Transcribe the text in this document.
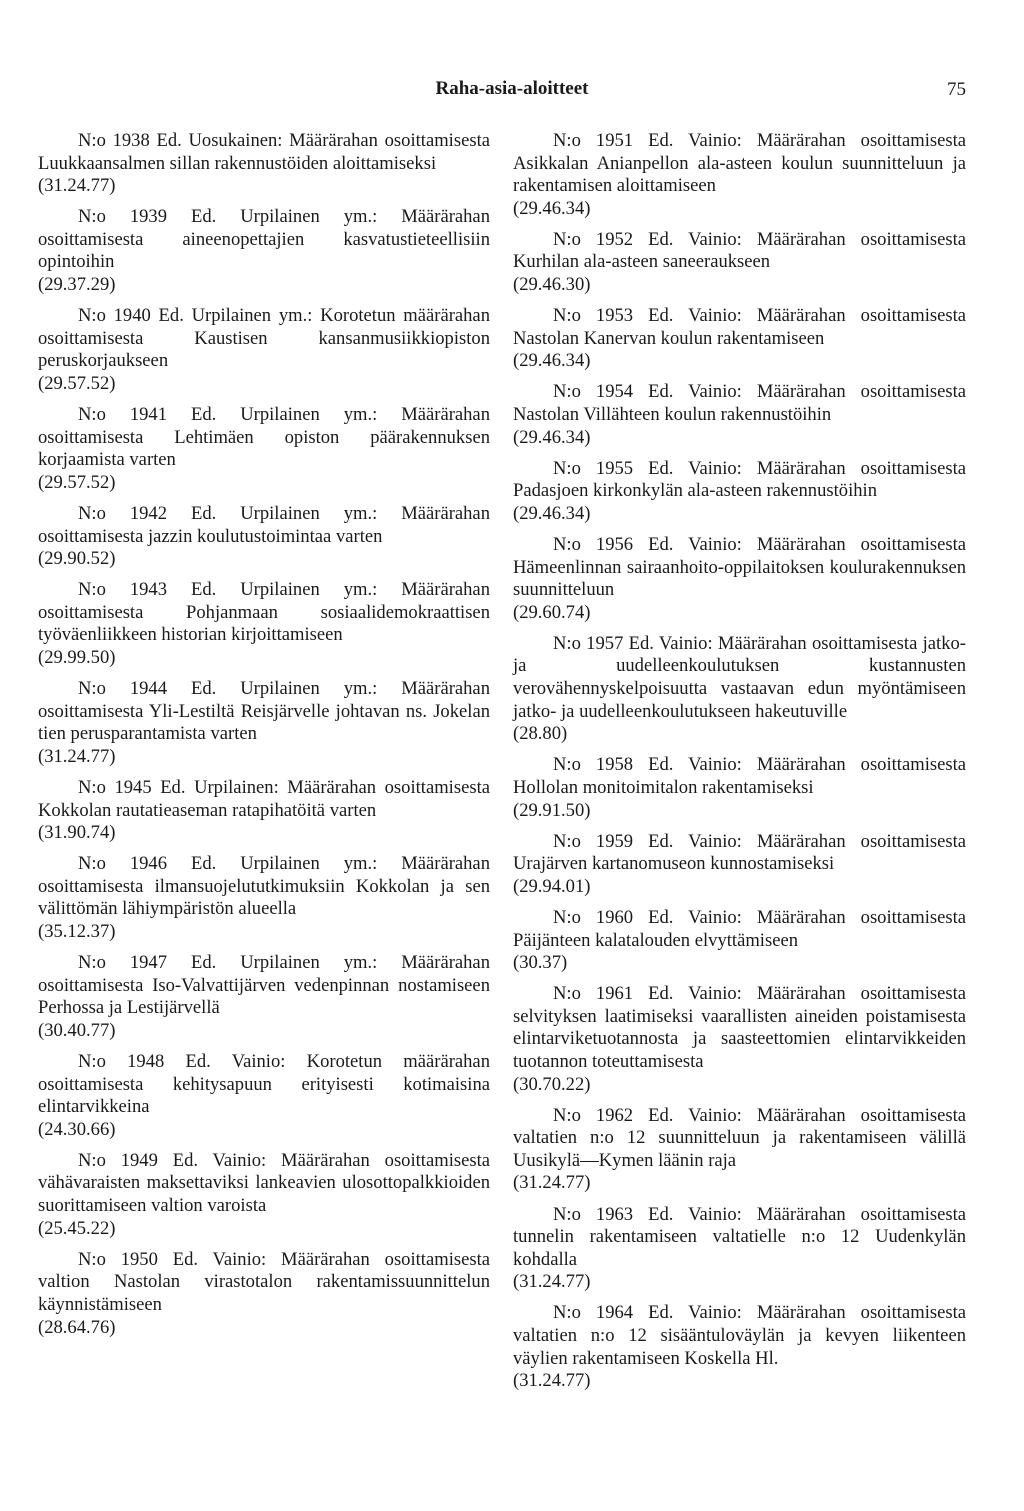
Raha-asia-aloitteet	75
N:o 1938 Ed. Uosukainen: Määrärahan osoittamisesta Luukkaansalmen sillan rakennustöiden aloittamiseksi
(31.24.77)
N:o 1939 Ed. Urpilainen ym.: Määrärahan osoittamisesta aineenopettajien kasvatustieteellisiin opintoihin
(29.37.29)
N:o 1940 Ed. Urpilainen ym.: Korotetun määrärahan osoittamisesta Kaustisen kansanmusiikkiopiston peruskorjaukseen
(29.57.52)
N:o 1941 Ed. Urpilainen ym.: Määrärahan osoittamisesta Lehtimäen opiston päärakennuksen korjaamista varten
(29.57.52)
N:o 1942 Ed. Urpilainen ym.: Määrärahan osoittamisesta jazzin koulutustoimintaa varten
(29.90.52)
N:o 1943 Ed. Urpilainen ym.: Määrärahan osoittamisesta Pohjanmaan sosiaalidemokraattisen työväenliikkeen historian kirjoittamiseen
(29.99.50)
N:o 1944 Ed. Urpilainen ym.: Määrärahan osoittamisesta Yli-Lestiltä Reisjärvelle johtavan ns. Jokelan tien perusparantamista varten
(31.24.77)
N:o 1945 Ed. Urpilainen: Määrärahan osoittamisesta Kokkolan rautatieaseman ratapihatöitä varten
(31.90.74)
N:o 1946 Ed. Urpilainen ym.: Määrärahan osoittamisesta ilmansuojelututkimuksiin Kokkolan ja sen välittömän lähiympäristön alueella
(35.12.37)
N:o 1947 Ed. Urpilainen ym.: Määrärahan osoittamisesta Iso-Valvattijärven vedenpinnan nostamiseen Perhossa ja Lestijärvellä
(30.40.77)
N:o 1948 Ed. Vainio: Korotetun määrärahan osoittamisesta kehitysapuun erityisesti kotimaisina elintarvikkeina
(24.30.66)
N:o 1949 Ed. Vainio: Määrärahan osoittamisesta vähävaraisten maksettaviksi lankeavien ulosottopalkkioiden suorittamiseen valtion varoista
(25.45.22)
N:o 1950 Ed. Vainio: Määrärahan osoittamisesta valtion Nastolan virastotalon rakentamissuunnittelun käynnistämiseen
(28.64.76)
N:o 1951 Ed. Vainio: Määrärahan osoittamisesta Asikkalan Anianpellon ala-asteen koulun suunnitteluun ja rakentamisen aloittamiseen
(29.46.34)
N:o 1952 Ed. Vainio: Määrärahan osoittamisesta Kurhilan ala-asteen saneeraukseen
(29.46.30)
N:o 1953 Ed. Vainio: Määrärahan osoittamisesta Nastolan Kanervan koulun rakentamiseen
(29.46.34)
N:o 1954 Ed. Vainio: Määrärahan osoittamisesta Nastolan Villähteen koulun rakennustöihin
(29.46.34)
N:o 1955 Ed. Vainio: Määrärahan osoittamisesta Padasjoen kirkonkylän ala-asteen rakennustöihin
(29.46.34)
N:o 1956 Ed. Vainio: Määrärahan osoittamisesta Hämeenlinnan sairaanhoito-oppilaitoksen koulurakennuksen suunnitteluun
(29.60.74)
N:o 1957 Ed. Vainio: Määrärahan osoittamisesta jatko- ja uudelleenkoulutuksen kustannusten verovähennyskelpoisuutta vastaavan edun myöntämiseen jatko- ja uudelleenkoulutukseen hakeutuville
(28.80)
N:o 1958 Ed. Vainio: Määrärahan osoittamisesta Hollolan monitoimitalon rakentamiseksi
(29.91.50)
N:o 1959 Ed. Vainio: Määrärahan osoittamisesta Urajärven kartanomuseon kunnostamiseksi
(29.94.01)
N:o 1960 Ed. Vainio: Määrärahan osoittamisesta Päijänteen kalatalouden elvyttämiseen
(30.37)
N:o 1961 Ed. Vainio: Määrärahan osoittamisesta selvityksen laatimiseksi vaarallisten aineiden poistamisesta elintarviketuotannosta ja saasteettomien elintarvikkeiden tuotannon toteuttamisesta
(30.70.22)
N:o 1962 Ed. Vainio: Määrärahan osoittamisesta valtatien n:o 12 suunnitteluun ja rakentamiseen välillä Uusikylä—Kymen läänin raja
(31.24.77)
N:o 1963 Ed. Vainio: Määrärahan osoittamisesta tunnelin rakentamiseen valtatielle n:o 12 Uudenkylän kohdalla
(31.24.77)
N:o 1964 Ed. Vainio: Määrärahan osoittamisesta valtatien n:o 12 sisääntuloväylän ja kevyen liikenteen väylien rakentamiseen Koskella Hl.
(31.24.77)
